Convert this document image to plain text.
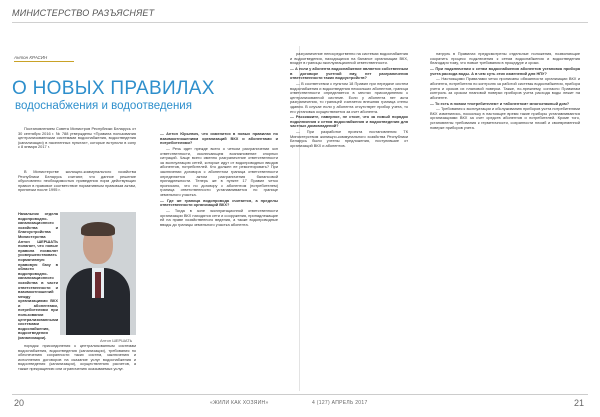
МИНИСТЕРСТВО РАЗЪЯСНЯЕТ
Антон КРАСИН
О НОВЫХ ПРАВИЛАХ
водоснабжения и водоотведения

Постановлением Совета Министров Республики Беларусь от 30 сентября 2016 г. № 788 утверждены «Правила пользования централизованными системами водоснабжения, водоотведения (канализации) в населенных пунктах», которые вступили в силу с 8 января 2017 г.

В Министерстве жилищно-коммунального хозяйства Республики Беларусь считают, что данное решение обусловлено необходимостью приведения норм действующих правил в правовое соответствие нормативным правовым актам, принятым после 1995 г.

Начальник отдела водопроводно-канализационного хозяйства и благоустройства Министерства Антон ШЕРШАТЬ полагает, что новые правила позволят усовершенствовать нормативную правовую базу в области водопроводно-канализационного хозяйства в части ответственности и взаимоотношений между организациями ВКХ и абонентами, потребителями при пользовании централизованными системами водоснабжения, водоотведения (канализации).

порядок присоединения к централизованным системам водоснабжения, водоотведения (канализации), требования по обеспечению сохранности таких систем, заключению и исполнению договоров на оказание услуг водоснабжения и водоотведения (канализации), осуществлению расчетов, а также прекращению или ограничению оказываемых услуг.

Антон ШЕРШАТЬ

— Антон Юрьевич, что изменится в новых правилах по взаимоотношениям организаций ВКХ и абонентами и потребителями?

— Речь идет прежде всего о четком разграничении зон ответственности, исключающем возникновение спорных ситуаций. Чаще всего именно разграничение ответственности за эксплуатацию сетей, которые идут от водопроводных вводов абонентов, потребителей. Кто должен ее ремонтировать? При заключении договора с абонентом граница ответственности определяется актом разграничения балансовой принадлежности. Теперь же в пункте 17 Правил четко прописано, что по договору с абонентом (потребителем) граница ответственности устанавливается по границе земельного участка.

— Где же граница водопровода считается, а пределы ответственности организаций ВКХ?

— Тогда в зоне эксплуатационной ответственности организации ВКХ находятся сети и сооружения, принадлежащие ей на праве хозяйственного ведения, а также водопроводные вводы до границы земельного участка абонента.

разграничение непосредственно на системах водоснабжения и водоотведения, находящихся на балансе организации ВКХ, входят в границы эксплуатационной ответственности.

— А если у абонента водоснабжение является собственным в договоре учетной ему, нет разграничения ответственности таких водоустройств?

— В соответствии с пунктом 18 Правил при передаче систем водоснабжения и водоотведения нескольких абонентов, граница ответственности определяется в местах присоединения к централизованной системе. Если у абонента нет акта разграничения, то границей считается внешняя граница стены здания. В случае если у абонента отсутствует прибор учета, то его установка осуществляется за счет абонента.

— Расскажите, наверное, не стоит, что за новый порядок подключения к сетям водоснабжения и водоотведения для частных домовладений?

— При разработке проекта постановления ТК Министерством жилищно-коммунального хозяйства Республики Беларусь были учтены предложения, поступившие от организаций ВКХ и абонентов.

патруль в Правилах предусмотрены отдельные положения, позволяющие сократить процесс подключения к сетям водоснабжения и водоотведения благодаря тому, что новые требования в процедуре и сроки.

— При подключении к сетям водоснабжения абонентов установка прибора учета расхода воды. А в чем суть этих изменений для НПУ?

— Настоящими Правилами четко прописаны обязанности организации ВКХ и абонента, потребителя по контролю за работой системы водоснабжения, прибора учета и сроков их плановой поверки. Также, по-прежнему, согласно Правилам контроль за сроком плановой поверки приборов учета расхода воды лежит на абоненте.

— То есть в новом «потребителем» и «абонентом» многоэтажный дом?

— Требования к эксплуатации и обслуживанию приборов учета потребителями ВКХ изменились, поскольку в настоящее время такие приборы устанавливаются организациями ВКХ за счет средств абонентов и потребителей. Кроме того, установлены требования к герметичности, сохранности пломб и своевременной поверке приборов учета.

20	«ЖИЛИ КАК ХОЗЯИН»	4 (127) АПРЕЛЬ 2017	21
